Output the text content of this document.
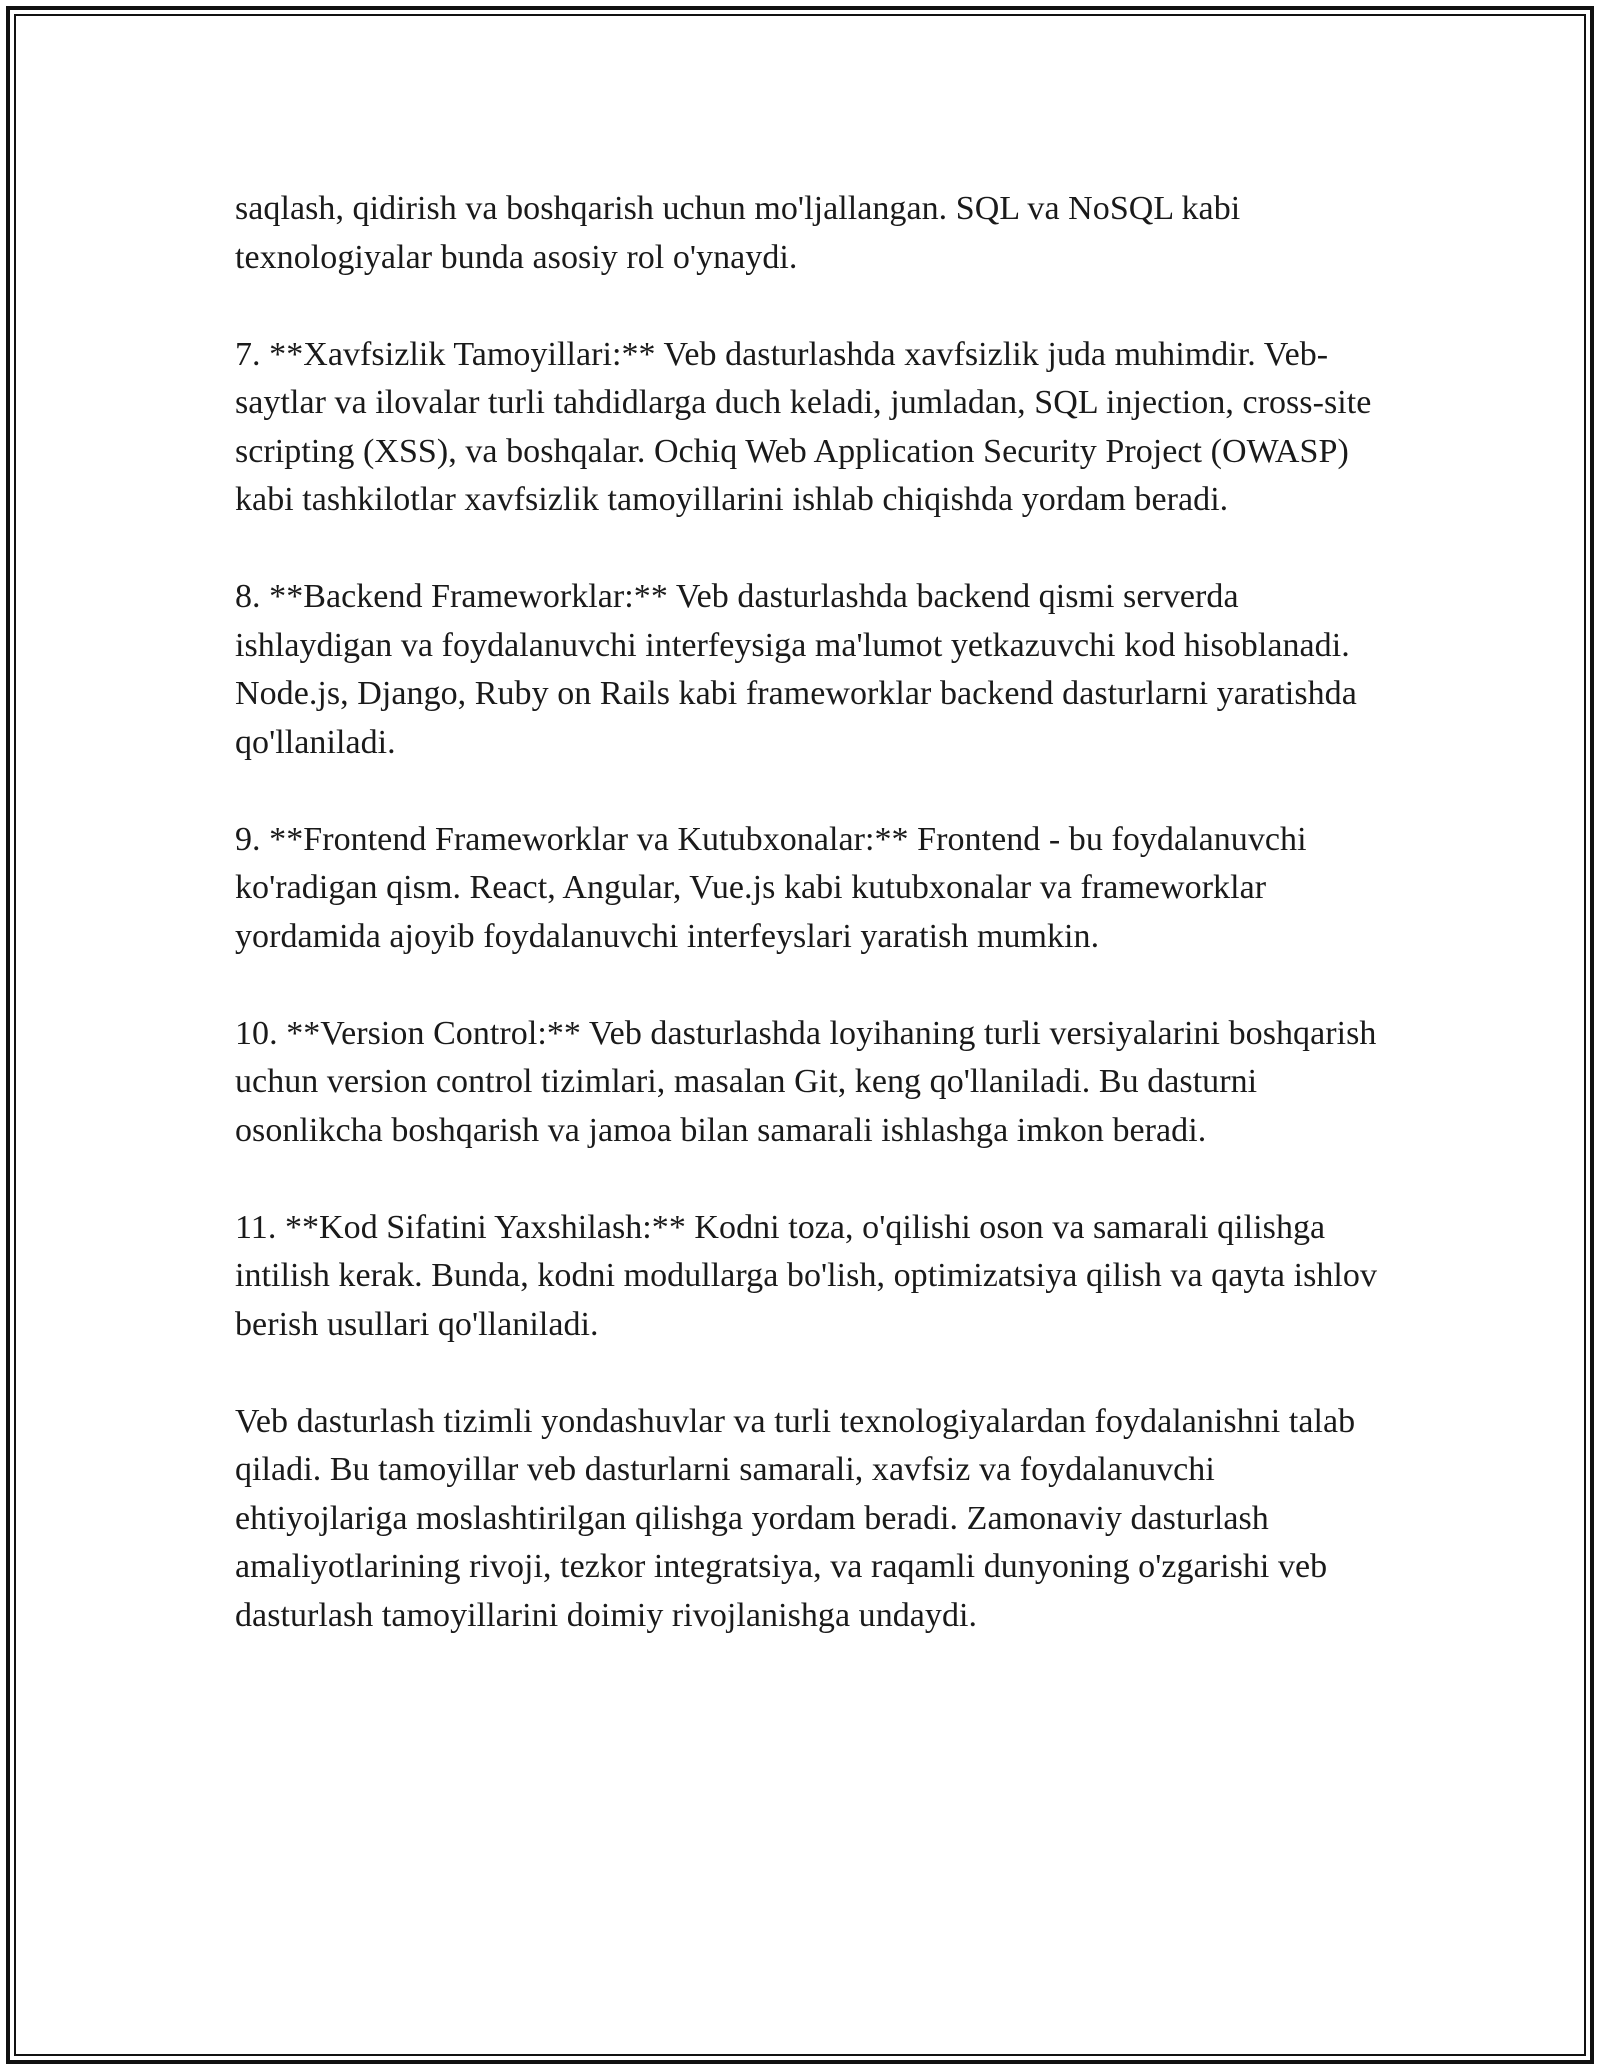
saqlash, qidirish va boshqarish uchun mo'ljallangan. SQL va NoSQL kabi texnologiyalar bunda asosiy rol o'ynaydi.

7. **Xavfsizlik Tamoyillari:** Veb dasturlashda xavfsizlik juda muhimdir. Veb-saytlar va ilovalar turli tahdidlarga duch keladi, jumladan, SQL injection, cross-site scripting (XSS), va boshqalar. Ochiq Web Application Security Project (OWASP) kabi tashkilotlar xavfsizlik tamoyillarini ishlab chiqishda yordam beradi.

8. **Backend Frameworklar:** Veb dasturlashda backend qismi serverda ishlaydigan va foydalanuvchi interfeysiga ma'lumot yetkazuvchi kod hisoblanadi. Node.js, Django, Ruby on Rails kabi frameworklar backend dasturlarni yaratishda qo'llaniladi.

9. **Frontend Frameworklar va Kutubxonalar:** Frontend - bu foydalanuvchi ko'radigan qism. React, Angular, Vue.js kabi kutubxonalar va frameworklar yordamida ajoyib foydalanuvchi interfeyslari yaratish mumkin.

10. **Version Control:** Veb dasturlashda loyihaning turli versiyalarini boshqarish uchun version control tizimlari, masalan Git, keng qo'llaniladi. Bu dasturni osonlikcha boshqarish va jamoa bilan samarali ishlashga imkon beradi.

11. **Kod Sifatini Yaxshilash:** Kodni toza, o'qilishi oson va samarali qilishga intilish kerak. Bunda, kodni modullarga bo'lish, optimizatsiya qilish va qayta ishlov berish usullari qo'llaniladi.

Veb dasturlash tizimli yondashuvlar va turli texnologiyalardan foydalanishni talab qiladi. Bu tamoyillar veb dasturlarni samarali, xavfsiz va foydalanuvchi ehtiyojlariga moslashtirilgan qilishga yordam beradi. Zamonaviy dasturlash amaliyotlarining rivoji, tezkor integratsiya, va raqamli dunyoning o'zgarishi veb dasturlash tamoyillarini doimiy rivojlanishga undaydi.
